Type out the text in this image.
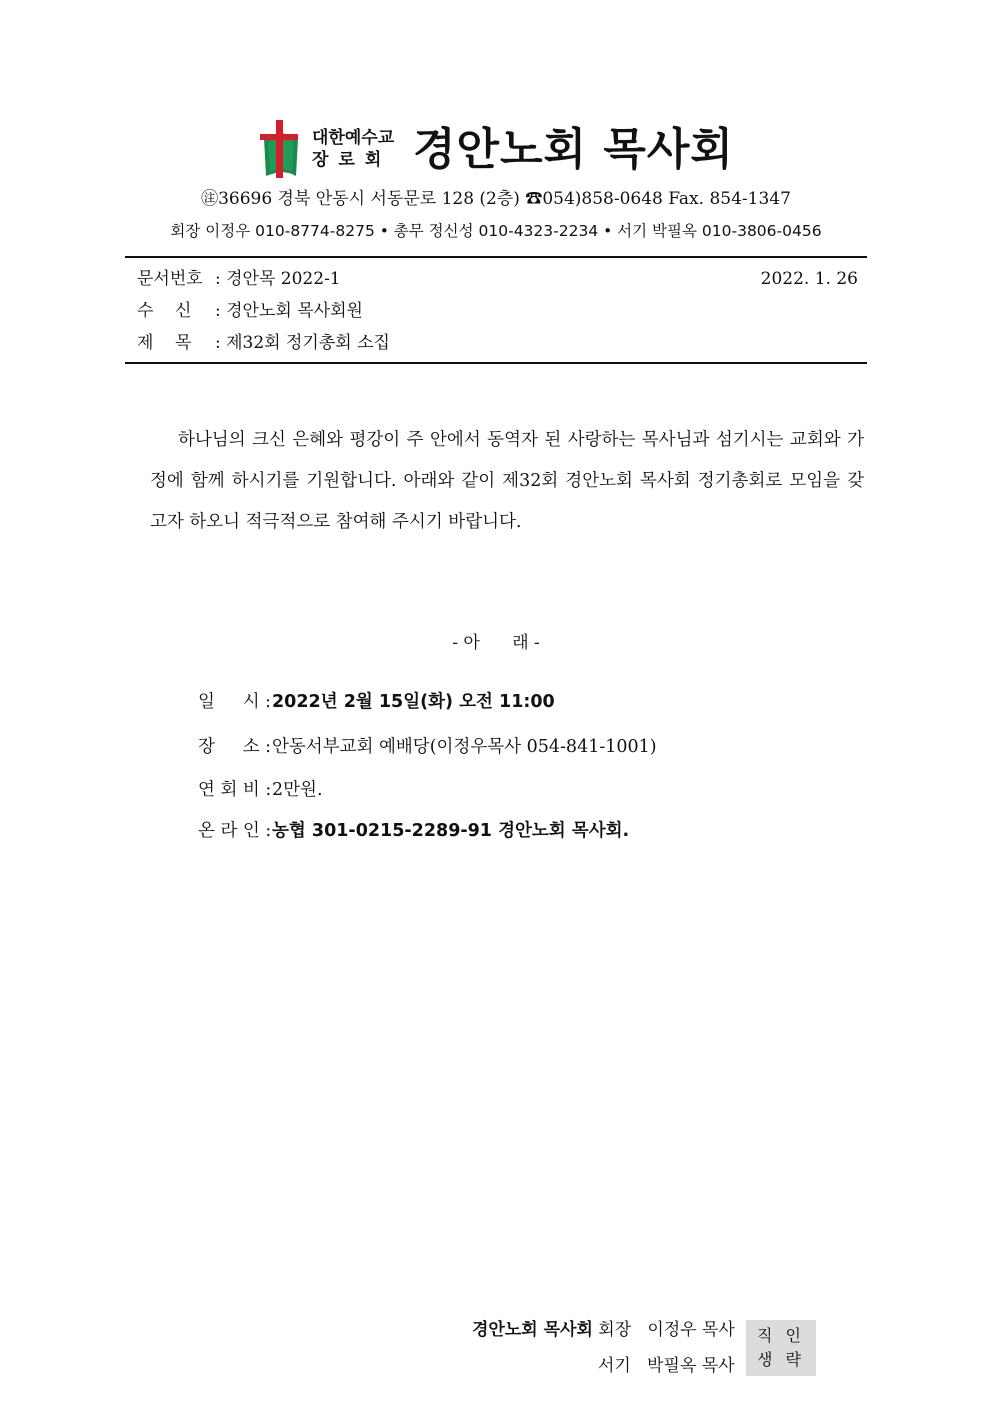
대한예수교
장로회 경안노회 목사회
㊟36696 경북 안동시 서동문로 128 (2층) ☎054)858-0648 Fax. 854-1347
회장 이정우 010-8774-8275 • 총무 정신성 010-4323-2234 • 서기 박필옥 010-3806-0456
문서번호 : 경안목 2022-1	2022. 1. 26
수    신 : 경안노회 목사회원
제    목 : 제32회 정기총회 소집
하나님의 크신 은혜와 평강이 주 안에서 동역자 된 사랑하는 목사님과 섬기시는 교회와 가정에 함께 하시기를 기원합니다. 아래와 같이 제32회 경안노회 목사회 정기총회로 모임을 갖고자 하오니 적극적으로 참여해 주시기 바랍니다.
- 아      래 -
일     시 :2022년 2월 15일(화) 오전 11:00
장     소 :안동서부교회 예배당(이정우목사 054-841-1001)
연 회 비 :2만원.
온 라 인 :농협 301-0215-2289-91 경안노회 목사회.
경안노회 목사회 회장   이정우 목사
서기   박필옥 목사
직 인
생 략
